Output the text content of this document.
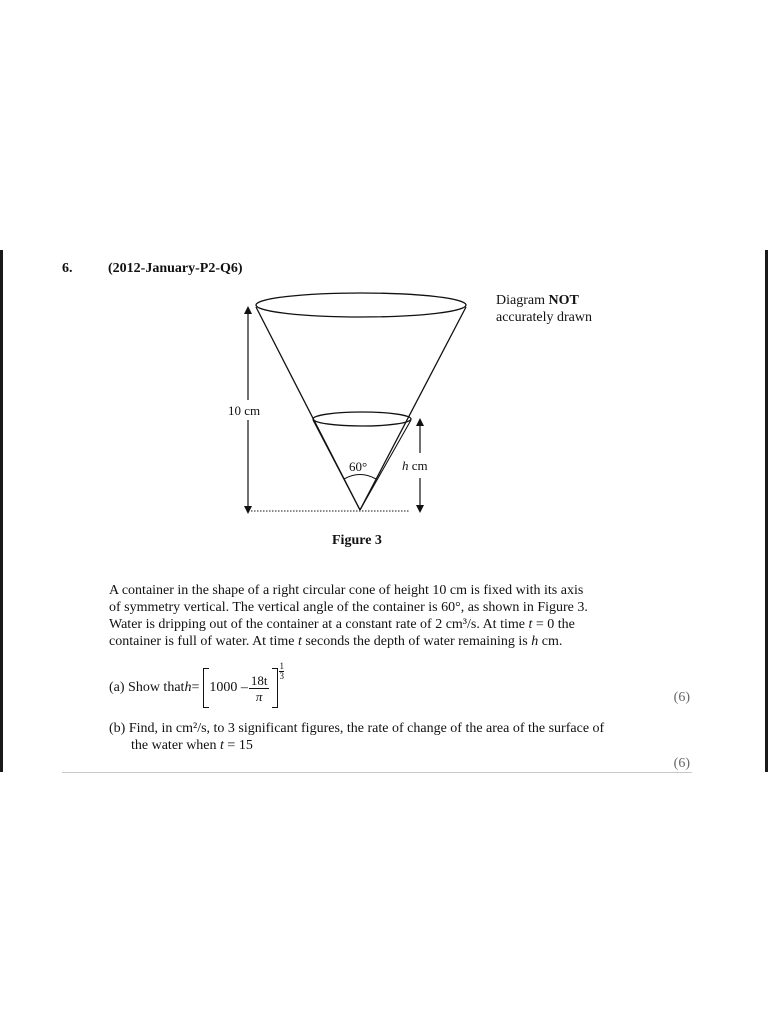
6.	(2012-January-P2-Q6)
Diagram NOT
accurately drawn
10 cm
h cm
60°
Figure 3

A container in the shape of a right circular cone of height 10 cm is fixed with its axis

of symmetry vertical. The vertical angle of the container is 60°, as shown in Figure 3.

Water is dripping out of the container at a constant rate of 2 cm³/s. At time t = 0 the

container is full of water. At time t seconds the depth of water remaining is h cm.

(a) Show that $h = 1000 - \frac{18t}{\pi}$
$\frac{1}{3}$
(6)
(b) Find, in cm²/s, to 3 significant figures, the rate of change of the area of the surface of
the water when t = 15
(6)
